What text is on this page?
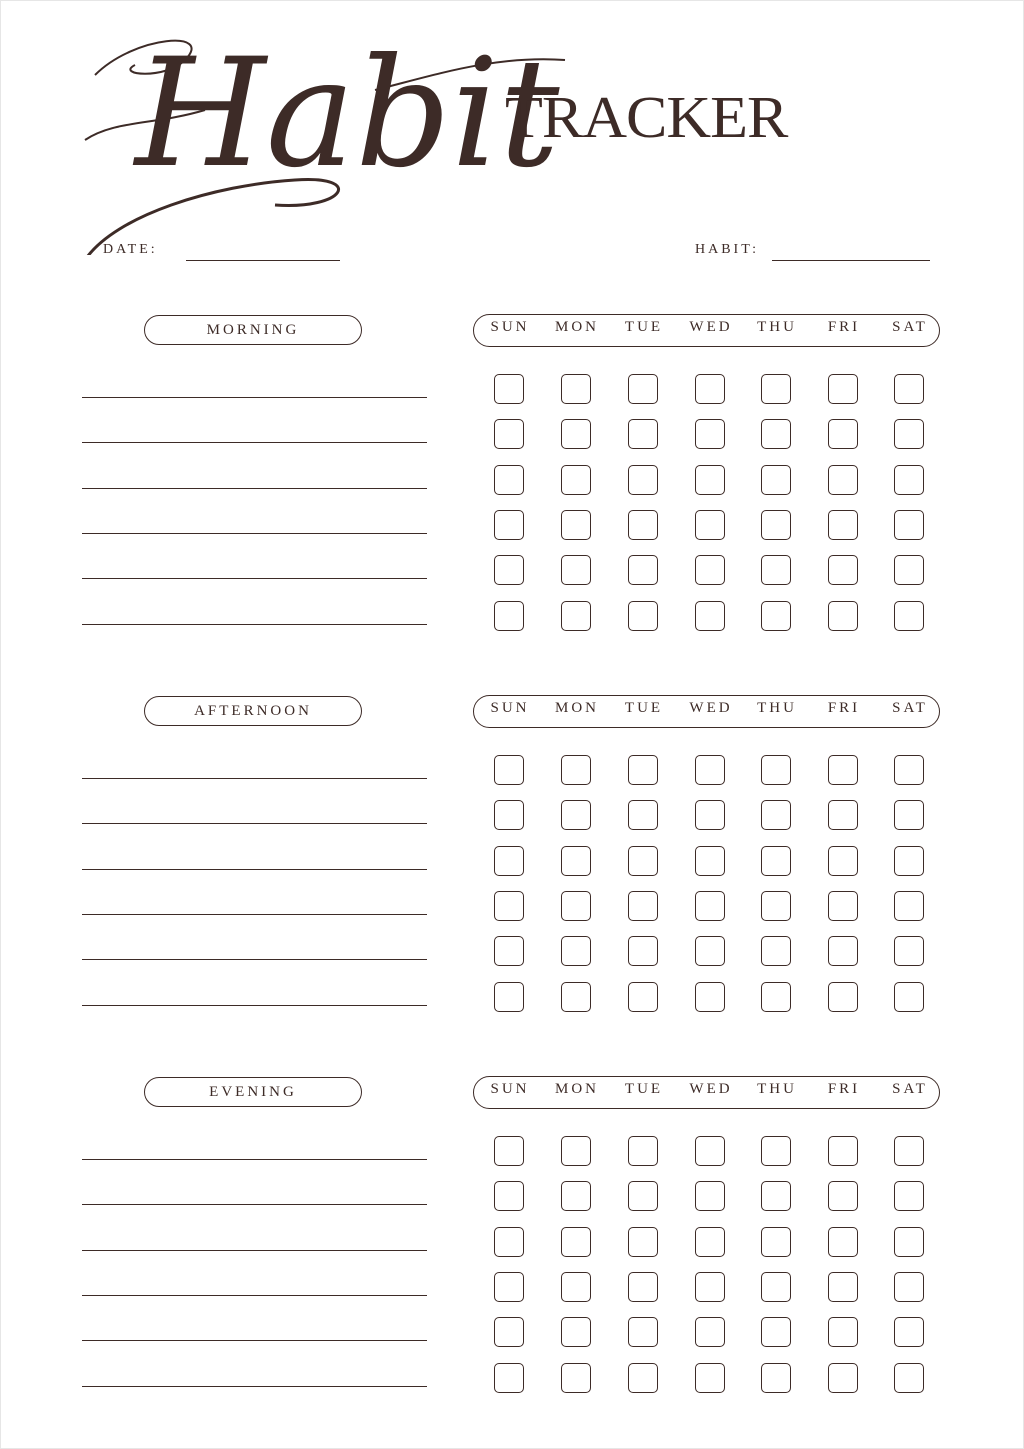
Habit
TRACKER
DATE:	HABIT:
MORNING	SUN	MON	TUE	WED	THU	FRI	SAT
AFTERNOON	SUN	MON	TUE	WED	THU	FRI	SAT
EVENING	SUN	MON	TUE	WED	THU	FRI	SAT
